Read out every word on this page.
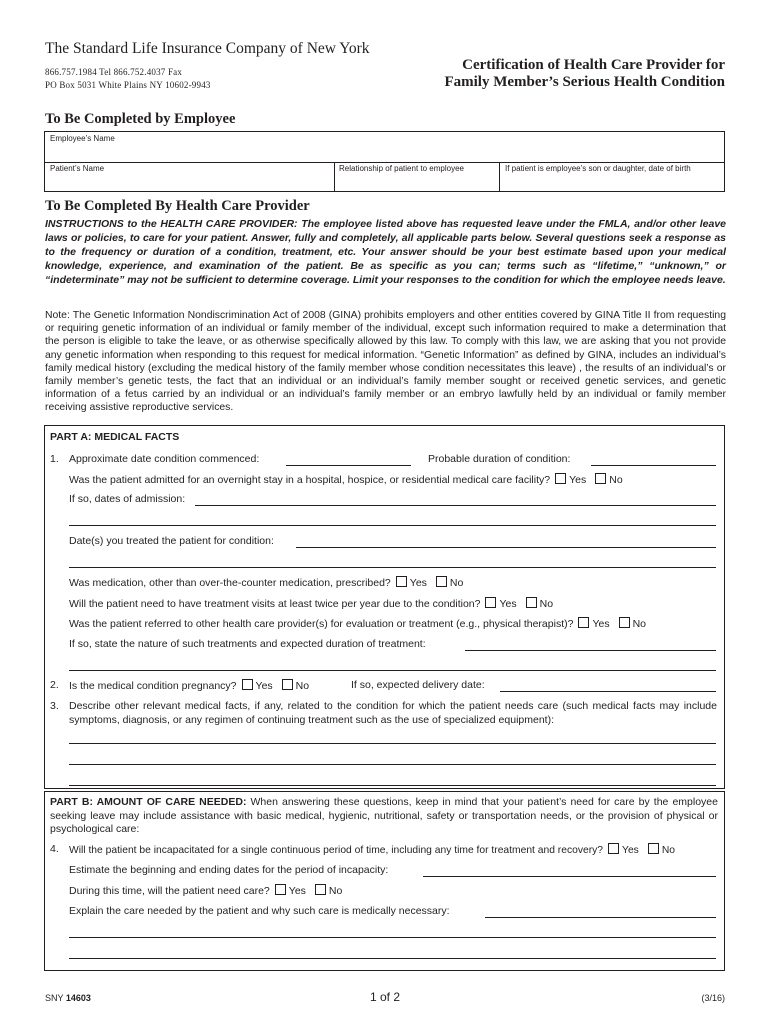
The Standard Life Insurance Company of New York
866.757.1984 Tel 866.752.4037 Fax
PO Box 5031 White Plains NY 10602-9943
Certification of Health Care Provider for
Family Member’s Serious Health Condition
To Be Completed by Employee
Employee’s Name
Patient’s Name	Relationship of patient to employee	If patient is employee’s son or daughter, date of birth
To Be Completed By Health Care Provider
INSTRUCTIONS to the HEALTH CARE PROVIDER: The employee listed above has requested leave under the FMLA, and/or other leave laws or policies, to care for your patient. Answer, fully and completely, all applicable parts below. Several questions seek a response as to the frequency or duration of a condition, treatment, etc. Your answer should be your best estimate based upon your medical knowledge, experience, and examination of the patient. Be as specific as you can; terms such as “lifetime,” “unknown,” or “indeterminate” may not be sufficient to determine coverage. Limit your responses to the condition for which the employee needs leave.
Note: The Genetic Information Nondiscrimination Act of 2008 (GINA) prohibits employers and other entities covered by GINA Title II from requesting or requiring genetic information of an individual or family member of the individual, except such information required to make a determination that the person is eligible to take the leave, or as otherwise specifically allowed by this law. To comply with this law, we are asking that you not provide any genetic information when responding to this request for medical information. “Genetic Information” as defined by GINA, includes an individual’s family medical history (excluding the medical history of the family member whose condition necessitates this leave) , the results of an individual’s or family member’s genetic tests, the fact that an individual or an individual’s family member sought or received genetic services, and genetic information of a fetus carried by an individual or an individual’s family member or an embryo lawfully held by an individual or family member receiving assistive reproductive services.
PART A: MEDICAL FACTS
1. Approximate date condition commenced:	Probable duration of condition:
Was the patient admitted for an overnight stay in a hospital, hospice, or residential medical care facility? Yes No
If so, dates of admission:
Date(s) you treated the patient for condition:
Was medication, other than over-the-counter medication, prescribed? Yes No
Will the patient need to have treatment visits at least twice per year due to the condition? Yes No
Was the patient referred to other health care provider(s) for evaluation or treatment (e.g., physical therapist)? Yes No
If so, state the nature of such treatments and expected duration of treatment:
2. Is the medical condition pregnancy? Yes No	If so, expected delivery date:
3. Describe other relevant medical facts, if any, related to the condition for which the patient needs care (such medical facts may include symptoms, diagnosis, or any regimen of continuing treatment such as the use of specialized equipment):
PART B: AMOUNT OF CARE NEEDED: When answering these questions, keep in mind that your patient’s need for care by the employee seeking leave may include assistance with basic medical, hygienic, nutritional, safety or transportation needs, or the provision of physical or psychological care:
4. Will the patient be incapacitated for a single continuous period of time, including any time for treatment and recovery? Yes No
Estimate the beginning and ending dates for the period of incapacity:
During this time, will the patient need care? Yes No
Explain the care needed by the patient and why such care is medically necessary:
SNY 14603	1 of 2	(3/16)
